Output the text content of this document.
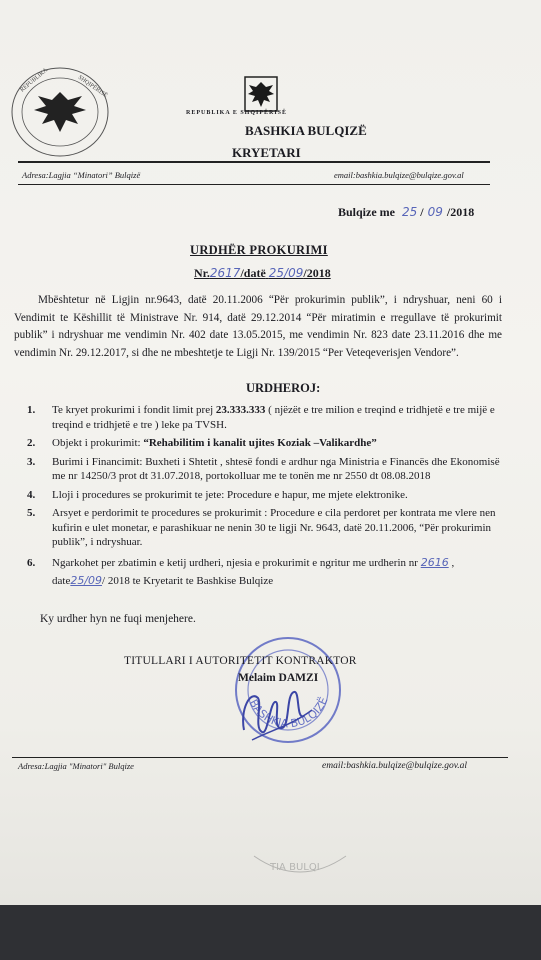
REPUBLIKA	SHQIPËRISË
REPUBLIKA E SHQIPËRISË
BASHKIA BULQIZË
KRYETARI
Adresa:Lagjia “Minatori” Bulqizë	email:bashkia.bulqize@bulqize.gov.al
Bulqize me 25 / 09 /2018
URDHËR PROKURIMI
Nr.2617/datë 25/09/2018
Mbështetur në Ligjin nr.9643, datë 20.11.2006 “Për prokurimin publik”, i ndryshuar, neni 60 i Vendimit te Këshillit të Ministrave Nr. 914, datë 29.12.2014 “Për miratimin e rregullave të prokurimit publik” i ndryshuar me vendimin Nr. 402 date 13.05.2015, me vendimin Nr. 823 date 23.11.2016 dhe me vendimin Nr. 29.12.2017, si dhe ne mbeshtetje te Ligji Nr. 139/2015 “Per Veteqeverisjen Vendore”.
URDHEROJ:
1. Te kryet prokurimi i fondit limit prej 23.333.333 ( njëzët e tre milion e treqind e tridhjetë e tre mijë e treqind e tridhjetë e tre ) leke pa TVSH.
2. Objekt i prokurimit: “Rehabilitim i kanalit ujites Koziak –Valikardhe”
3. Burimi i Financimit: Buxheti i Shtetit , shtesë fondi e ardhur nga Ministria e Financës dhe Ekonomisë me nr 14250/3 prot dt 31.07.2018, portokolluar me te tonën me nr 2550 dt 08.08.2018
4. Lloji i procedures se prokurimit te jete: Procedure e hapur, me mjete elektronike.
5. Arsyet e perdorimit te procedures se prokurimit : Procedure e cila perdoret per kontrata me vlere nen kufirin e ulet monetar, e parashikuar ne nenin 30 te ligji Nr. 9643, datë 20.11.2006, “Për prokurimin publik”, i ndryshuar.
6. Ngarkohet per zbatimin e ketij urdheri, njesia e prokurimit e ngritur me urdherin nr 2616 , date25/09/ 2018 te Kryetarit te Bashkise Bulqize
Ky urdher hyn ne fuqi menjehere.
BASHKIA BULQIZË
TITULLARI I AUTORITETIT KONTRAKTOR
Melaim DAMZI
Adresa:Lagjia "Minatori" Bulqize	email:bashkia.bulqize@bulqize.gov.al
TIA BULQI
